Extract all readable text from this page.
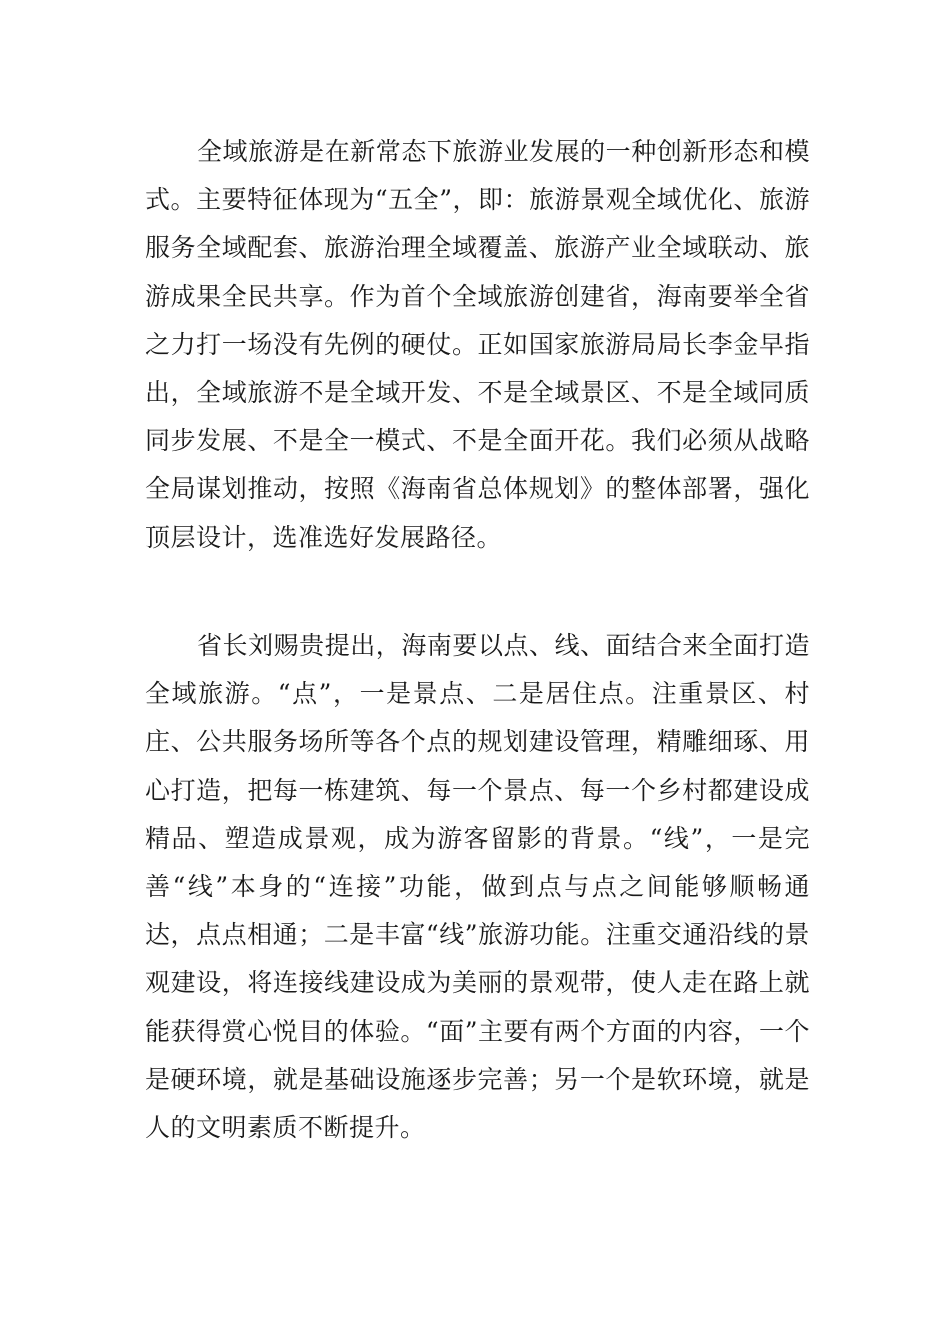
全域旅游是在新常态下旅游业发展的一种创新形态和模式。主要特征体现为“五全”，即：旅游景观全域优化、旅游服务全域配套、旅游治理全域覆盖、旅游产业全域联动、旅游成果全民共享。作为首个全域旅游创建省，海南要举全省之力打一场没有先例的硬仗。正如国家旅游局局长李金早指出，全域旅游不是全域开发、不是全域景区、不是全域同质同步发展、不是全一模式、不是全面开花。我们必须从战略全局谋划推动，按照《海南省总体规划》的整体部署，强化顶层设计，选准选好发展路径。

省长刘赐贵提出，海南要以点、线、面结合来全面打造全域旅游。“点”，一是景点、二是居住点。注重景区、村庄、公共服务场所等各个点的规划建设管理，精雕细琢、用心打造，把每一栋建筑、每一个景点、每一个乡村都建设成精品、塑造成景观，成为游客留影的背景。“线”，一是完善“线”本身的“连接”功能，做到点与点之间能够顺畅通达，点点相通；二是丰富“线”旅游功能。注重交通沿线的景观建设，将连接线建设成为美丽的景观带，使人走在路上就能获得赏心悦目的体验。“面”主要有两个方面的内容，一个是硬环境，就是基础设施逐步完善；另一个是软环境，就是人的文明素质不断提升。
